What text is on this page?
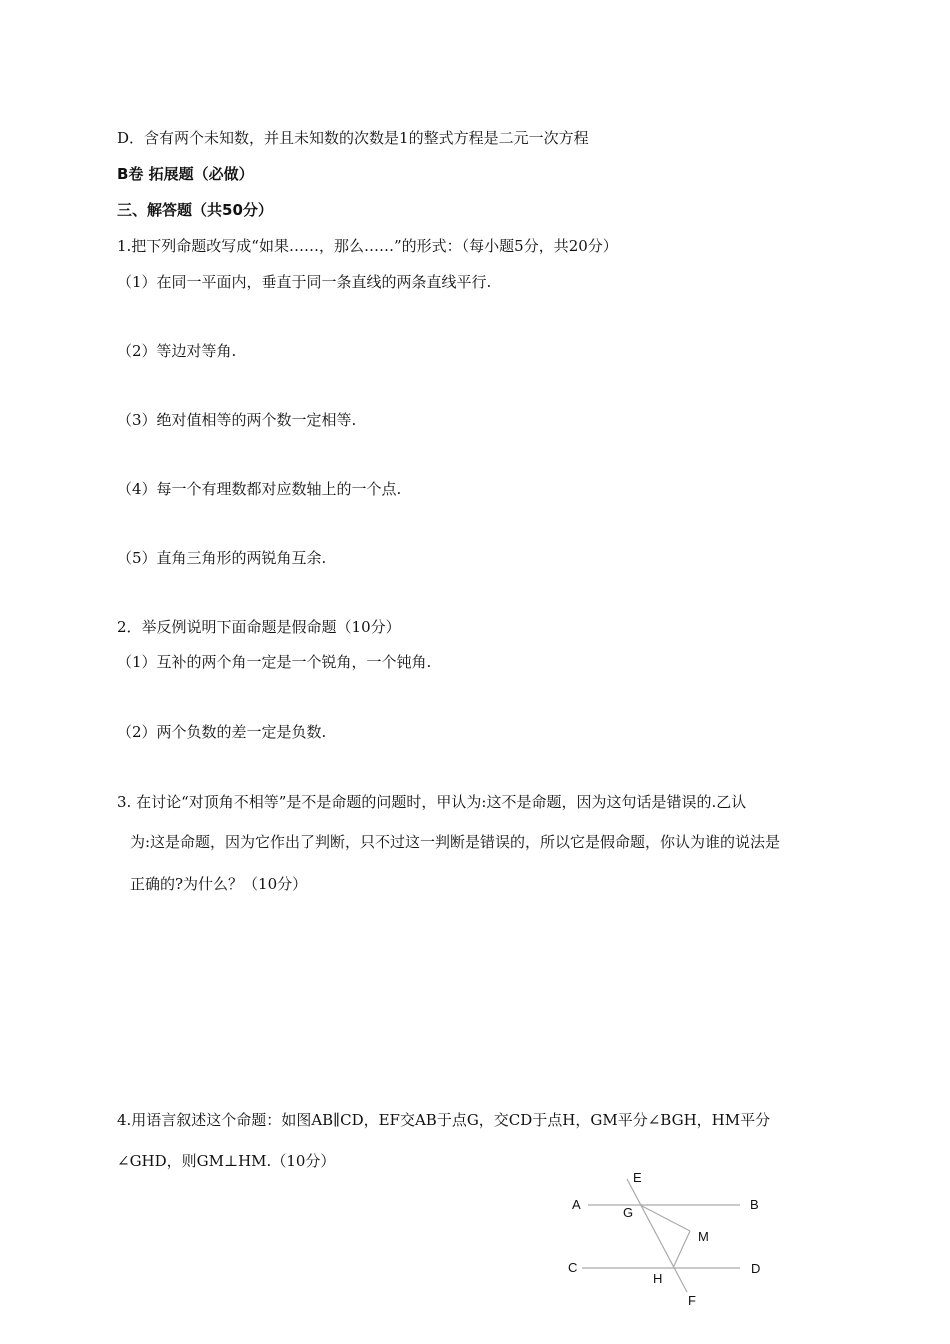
D．含有两个未知数，并且未知数的次数是1的整式方程是二元一次方程
B卷 拓展题（必做）
三、解答题（共50分）
1.把下列命题改写成“如果……，那么……”的形式：（每小题5分，共20分）
（1）在同一平面内，垂直于同一条直线的两条直线平行.
（2）等边对等角.
（3）绝对值相等的两个数一定相等.
（4）每一个有理数都对应数轴上的一个点.
（5）直角三角形的两锐角互余.
2．举反例说明下面命题是假命题（10分）
（1）互补的两个角一定是一个锐角，一个钝角.
（2）两个负数的差一定是负数.
3. 在讨论“对顶角不相等”是不是命题的问题时，甲认为:这不是命题，因为这句话是错误的.乙认
为:这是命题，因为它作出了判断，只不过这一判断是错误的，所以它是假命题，你认为谁的说法是
正确的?为什么？（10分）
4.用语言叙述这个命题：如图AB∥CD，EF交AB于点G，交CD于点H，GM平分∠BGH，HM平分
∠GHD，则GM⊥HM.（10分）
A	B
C	D
E
F
G
H
M
